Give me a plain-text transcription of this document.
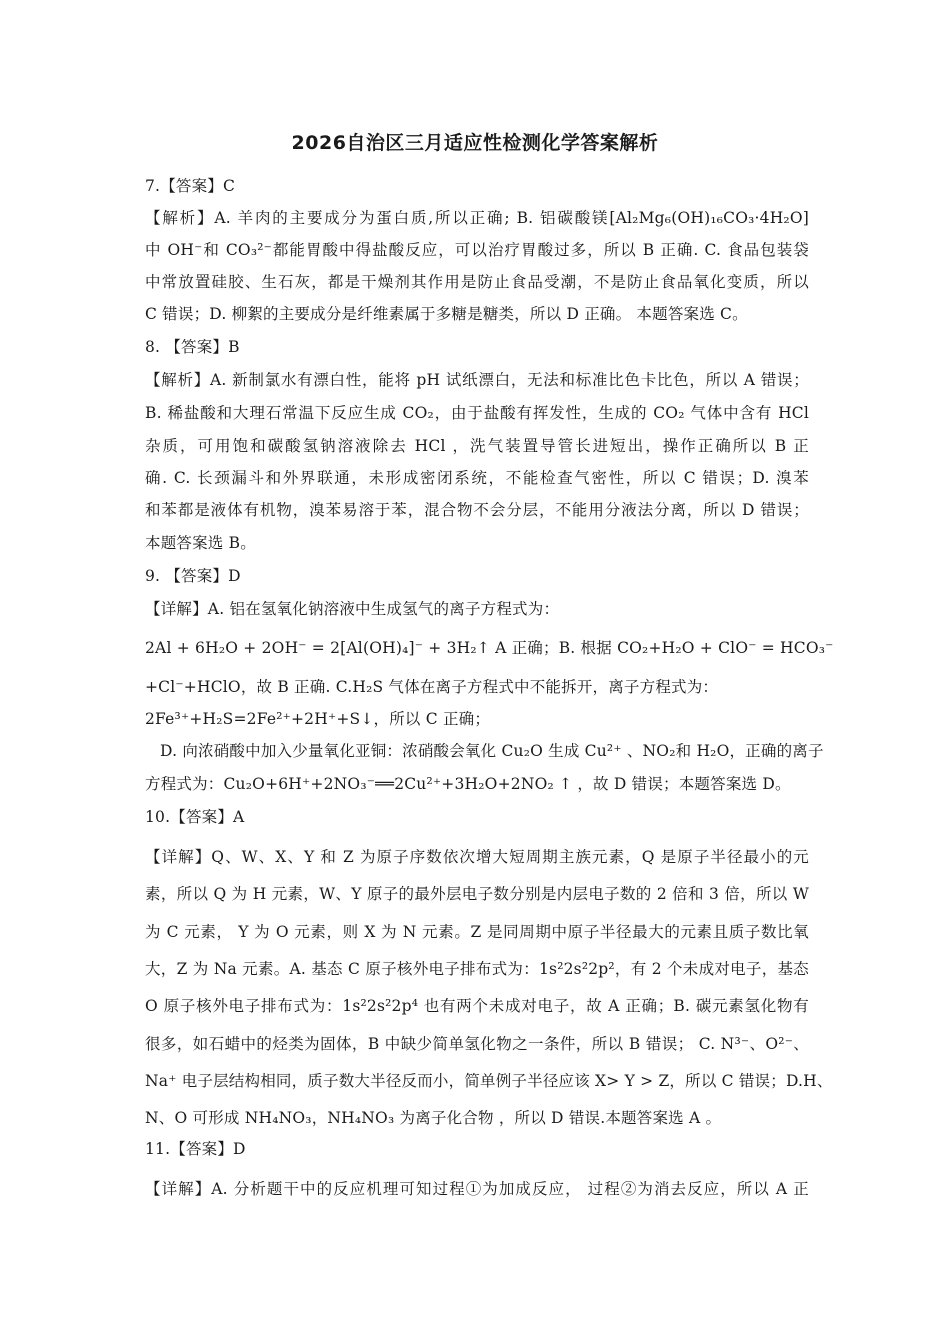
2026自治区三月适应性检测化学答案解析
7.【答案】C
【解析】A. 羊肉的主要成分为蛋白质,所以正确; B. 铝碳酸镁[Al₂Mg₆(OH)₁₆CO₃·4H₂O]
中 OH⁻和 CO₃²⁻都能胃酸中得盐酸反应，可以治疗胃酸过多，所以 B 正确. C. 食品包装袋
中常放置硅胶、生石灰，都是干燥剂其作用是防止食品受潮，不是防止食品氧化变质，所以
C 错误；D. 柳絮的主要成分是纤维素属于多糖是糖类，所以 D 正确。 本题答案选 C。
8. 【答案】B
【解析】A. 新制氯水有漂白性，能将 pH 试纸漂白，无法和标准比色卡比色，所以 A 错误；
B. 稀盐酸和大理石常温下反应生成 CO₂，由于盐酸有挥发性，生成的 CO₂ 气体中含有 HCl
杂质，可用饱和碳酸氢钠溶液除去 HCl ，洗气装置导管长进短出，操作正确所以 B 正
确. C. 长颈漏斗和外界联通，未形成密闭系统，不能检查气密性，所以 C 错误；D. 溴苯
和苯都是液体有机物，溴苯易溶于苯，混合物不会分层，不能用分液法分离，所以 D 错误；
本题答案选 B。
9. 【答案】D
【详解】A. 铝在氢氧化钠溶液中生成氢气的离子方程式为：
2Al + 6H₂O + 2OH⁻ = 2[Al(OH)₄]⁻ + 3H₂↑ A 正确；B. 根据 CO₂+H₂O + ClO⁻ = HCO₃⁻
+Cl⁻+HClO，故 B 正确. C.H₂S 气体在离子方程式中不能拆开，离子方程式为：
2Fe³⁺+H₂S=2Fe²⁺+2H⁺+S↓，所以 C 正确；
D. 向浓硝酸中加入少量氧化亚铜：浓硝酸会氧化 Cu₂O 生成 Cu²⁺ 、NO₂和 H₂O，正确的离子
方程式为：Cu₂O+6H⁺+2NO₃⁻══2Cu²⁺+3H₂O+2NO₂ ↑ ，故 D 错误；本题答案选 D。
10.【答案】A
【详解】Q、W、X、Y 和 Z 为原子序数依次增大短周期主族元素，Q 是原子半径最小的元
素，所以 Q 为 H 元素，W、Y 原子的最外层电子数分别是内层电子数的 2 倍和 3 倍，所以 W
为 C 元素， Y 为 O 元素，则 X 为 N 元素。Z 是同周期中原子半径最大的元素且质子数比氧
大，Z 为 Na 元素。A. 基态 C 原子核外电子排布式为：1s²2s²2p²，有 2 个未成对电子，基态
O 原子核外电子排布式为：1s²2s²2p⁴ 也有两个未成对电子，故 A 正确；B. 碳元素氢化物有
很多，如石蜡中的烃类为固体，B 中缺少简单氢化物之一条件，所以 B 错误； C. N³⁻、O²⁻、
Na⁺ 电子层结构相同，质子数大半径反而小，简单例子半径应该 X> Y > Z，所以 C 错误；D.H、
N、O 可形成 NH₄NO₃，NH₄NO₃ 为离子化合物 ，所以 D 错误.本题答案选 A 。
11.【答案】D
【详解】A. 分析题干中的反应机理可知过程①为加成反应， 过程②为消去反应，所以 A 正
